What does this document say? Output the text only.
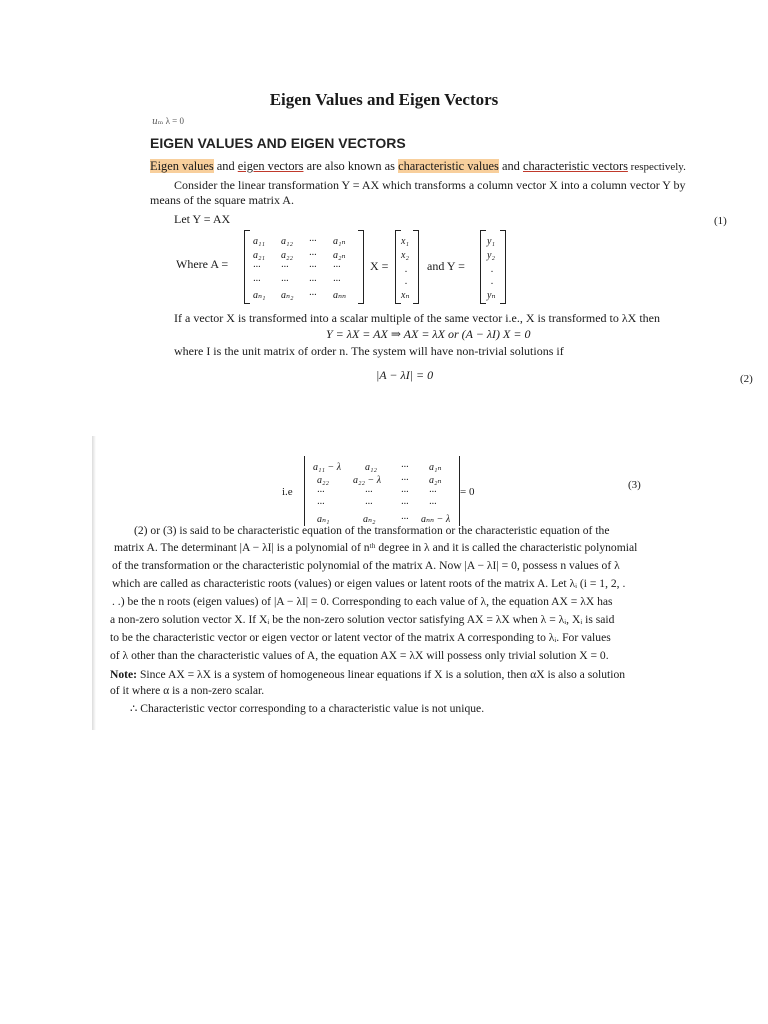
Eigen Values and Eigen Vectors
𝑢ₘ λ = 0
EIGEN VALUES AND EIGEN VECTORS
Eigen values and eigen vectors are also known as characteristic values and characteristic vectors respectively.
Consider the linear transformation Y = AX which transforms a column vector X into a column vector Y by
means of the square matrix A.
Let Y = AX	(1)
Where A =
a₁₁ a₁₂ ··· a₁ₙ
a₂₁ a₂₂ ··· a₂ₙ
··· ··· ··· ···
··· ··· ··· ···
aₙ₁ aₙ₂ ··· aₙₙ
X =
x₁
x₂
.
.
xₙ
and Y =
y₁
y₂
.
.
yₙ
If a vector X is transformed into a scalar multiple of the same vector i.e., X is transformed to λX then
Y = λX = AX ⇒ AX = λX or (A − λI) X = 0
where I is the unit matrix of order n. The system will have non-trivial solutions if
|A − λI| = 0	(2)
i.e
a₁₁ − λ a₁₂ ··· a₁ₙ
a₂₂ a₂₂ − λ ··· a₂ₙ
···	···	··· ···
···	···	··· ···
aₙ₁	aₙ₂	··· aₙₙ − λ
= 0
(3)
(2) or (3) is said to be characteristic equation of the transformation or the characteristic equation of the
matrix A. The determinant |A − λI| is a polynomial of nᵗʰ degree in λ and it is called the characteristic polynomial
of the transformation or the characteristic polynomial of the matrix A. Now |A − λI| = 0, possess n values of λ
which are called as characteristic roots (values) or eigen values or latent roots of the matrix A. Let λᵢ (i = 1, 2, .
. .) be the n roots (eigen values) of |A − λI| = 0. Corresponding to each value of λ, the equation AX = λX has
a non-zero solution vector X. If Xᵢ be the non-zero solution vector satisfying AX = λX when λ = λᵢ, Xᵢ is said
to be the characteristic vector or eigen vector or latent vector of the matrix A corresponding to λᵢ. For values
of λ other than the characteristic values of A, the equation AX = λX will possess only trivial solution X = 0.
Note: Since AX = λX is a system of homogeneous linear equations if X is a solution, then αX is also a solution
of it where α is a non-zero scalar.
∴ Characteristic vector corresponding to a characteristic value is not unique.
